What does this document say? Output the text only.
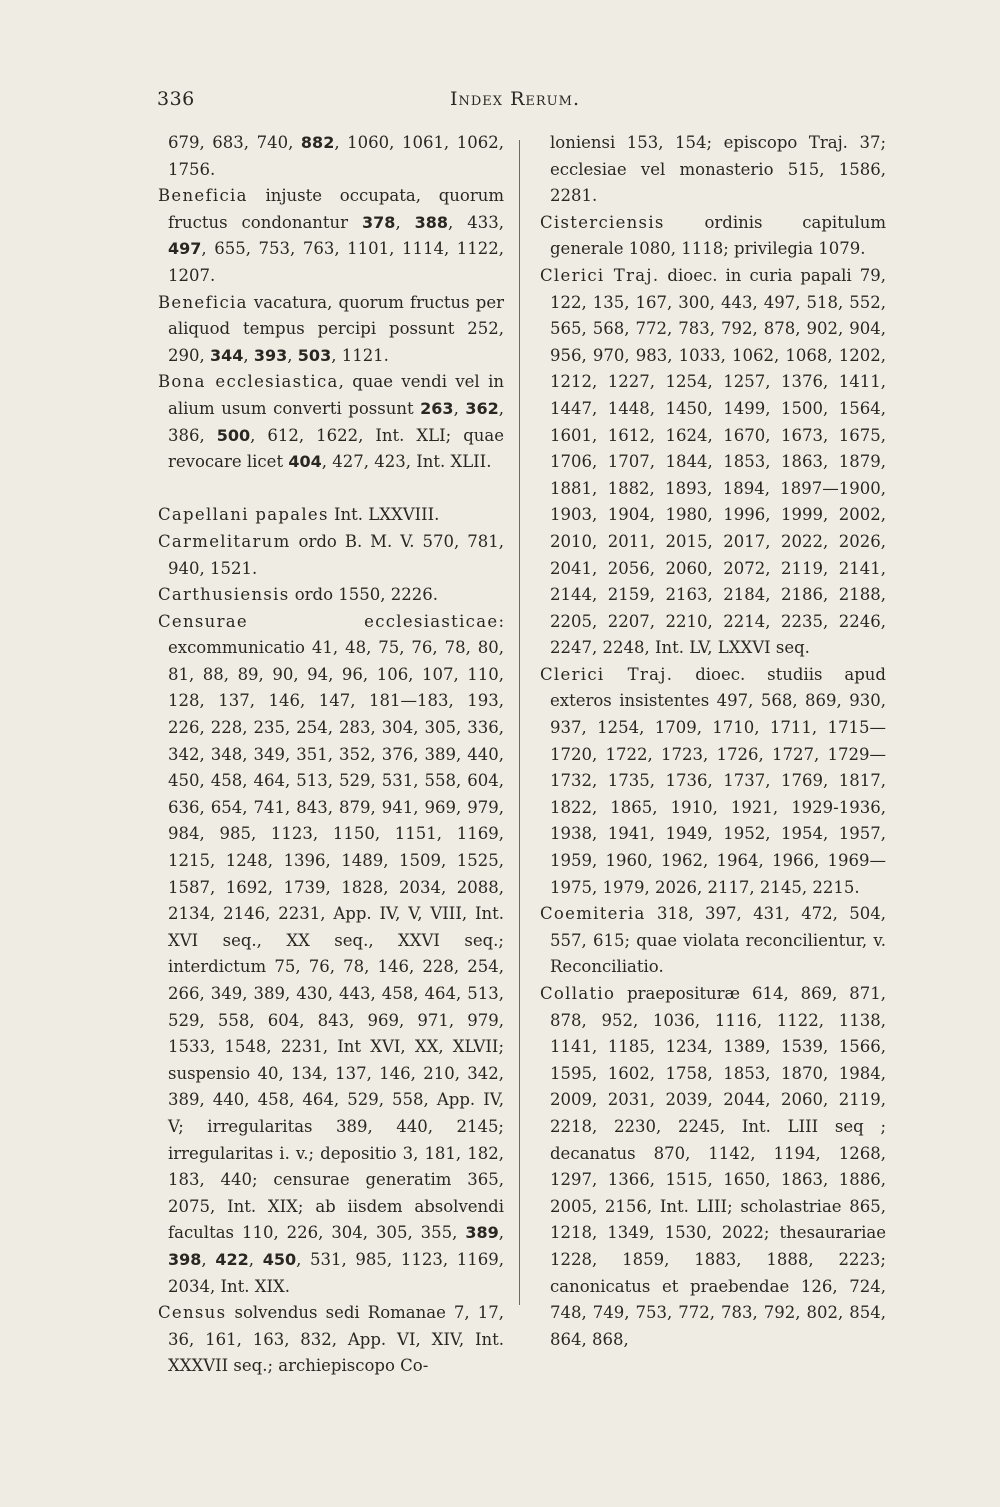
336	Index Rerum.

679, 683, 740, 882, 1060, 1061, 1062, 1756.

Beneficia injuste occupata, quorum fructus condonantur 378, 388, 433, 497, 655, 753, 763, 1101, 1114, 1122, 1207.

Beneficia vacatura, quorum fructus per aliquod tempus percipi possunt 252, 290, 344, 393, 503, 1121.

Bona ecclesiastica, quae vendi vel in alium usum converti possunt 263, 362, 386, 500, 612, 1622, Int. XLI; quae revocare licet 404, 427, 423, Int. XLII.

Capellani papales Int. LXXVIII.

Carmelitarum ordo B. M. V. 570, 781, 940, 1521.

Carthusiensis ordo 1550, 2226.

Censurae ecclesiasticae: excommunicatio 41, 48, 75, 76, 78, 80, 81, 88, 89, 90, 94, 96, 106, 107, 110, 128, 137, 146, 147, 181—183, 193, 226, 228, 235, 254, 283, 304, 305, 336, 342, 348, 349, 351, 352, 376, 389, 440, 450, 458, 464, 513, 529, 531, 558, 604, 636, 654, 741, 843, 879, 941, 969, 979, 984, 985, 1123, 1150, 1151, 1169, 1215, 1248, 1396, 1489, 1509, 1525, 1587, 1692, 1739, 1828, 2034, 2088, 2134, 2146, 2231, App. IV, V, VIII, Int. XVI seq., XX seq., XXVI seq.; interdictum 75, 76, 78, 146, 228, 254, 266, 349, 389, 430, 443, 458, 464, 513, 529, 558, 604, 843, 969, 971, 979, 1533, 1548, 2231, Int XVI, XX, XLVII; suspensio 40, 134, 137, 146, 210, 342, 389, 440, 458, 464, 529, 558, App. IV, V; irregularitas 389, 440, 2145; irregularitas i. v.; depositio 3, 181, 182, 183, 440; censurae generatim 365, 2075, Int. XIX; ab iisdem absolvendi facultas 110, 226, 304, 305, 355, 389, 398, 422, 450, 531, 985, 1123, 1169, 2034, Int. XIX.

Census solvendus sedi Romanae 7, 17, 36, 161, 163, 832, App. VI, XIV, Int. XXXVII seq.; archiepiscopo Co-

loniensi 153, 154; episcopo Traj. 37; ecclesiae vel monasterio 515, 1586, 2281.

Cisterciensis ordinis capitulum generale 1080, 1118; privilegia 1079.

Clerici Traj. dioec. in curia papali 79, 122, 135, 167, 300, 443, 497, 518, 552, 565, 568, 772, 783, 792, 878, 902, 904, 956, 970, 983, 1033, 1062, 1068, 1202, 1212, 1227, 1254, 1257, 1376, 1411, 1447, 1448, 1450, 1499, 1500, 1564, 1601, 1612, 1624, 1670, 1673, 1675, 1706, 1707, 1844, 1853, 1863, 1879, 1881, 1882, 1893, 1894, 1897—1900, 1903, 1904, 1980, 1996, 1999, 2002, 2010, 2011, 2015, 2017, 2022, 2026, 2041, 2056, 2060, 2072, 2119, 2141, 2144, 2159, 2163, 2184, 2186, 2188, 2205, 2207, 2210, 2214, 2235, 2246, 2247, 2248, Int. LV, LXXVI seq.

Clerici Traj. dioec. studiis apud exteros insistentes 497, 568, 869, 930, 937, 1254, 1709, 1710, 1711, 1715—1720, 1722, 1723, 1726, 1727, 1729—1732, 1735, 1736, 1737, 1769, 1817, 1822, 1865, 1910, 1921, 1929-1936, 1938, 1941, 1949, 1952, 1954, 1957, 1959, 1960, 1962, 1964, 1966, 1969—1975, 1979, 2026, 2117, 2145, 2215.

Coemiteria 318, 397, 431, 472, 504, 557, 615; quae violata reconcilientur, v. Reconciliatio.

Collatio praeposituræ 614, 869, 871, 878, 952, 1036, 1116, 1122, 1138, 1141, 1185, 1234, 1389, 1539, 1566, 1595, 1602, 1758, 1853, 1870, 1984, 2009, 2031, 2039, 2044, 2060, 2119, 2218, 2230, 2245, Int. LIII seq ; decanatus 870, 1142, 1194, 1268, 1297, 1366, 1515, 1650, 1863, 1886, 2005, 2156, Int. LIII; scholastriae 865, 1218, 1349, 1530, 2022; thesaurariae 1228, 1859, 1883, 1888, 2223; canonicatus et praebendae 126, 724, 748, 749, 753, 772, 783, 792, 802, 854, 864, 868,
